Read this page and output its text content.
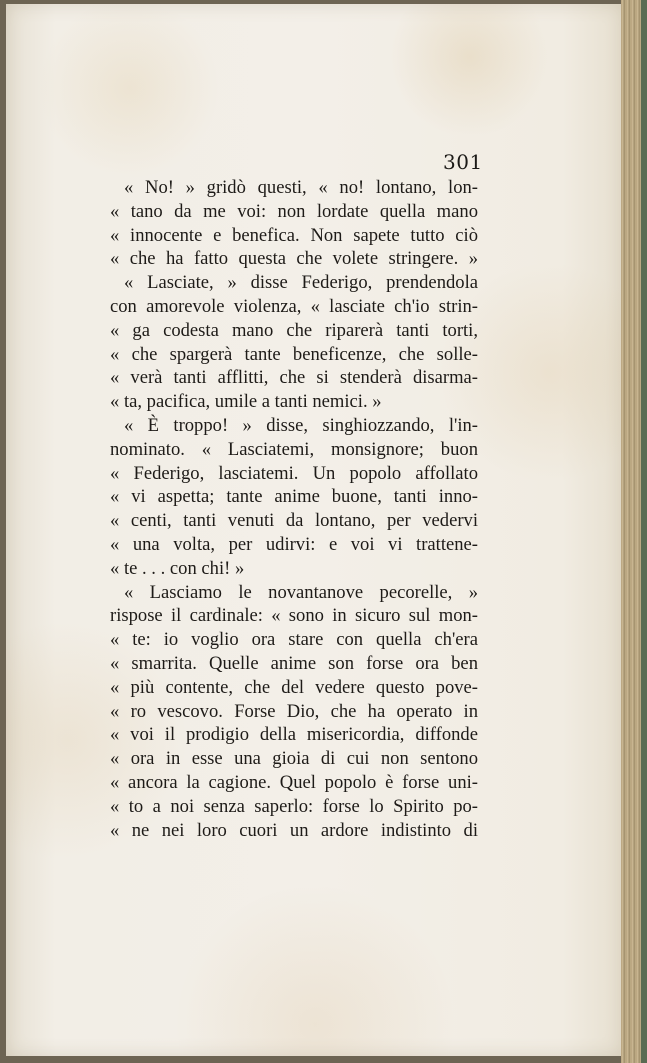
301
« No! » gridò questi, « no! lontano, lon-
« tano da me voi: non lordate quella mano
« innocente e benefica. Non sapete tutto ciò
« che ha fatto questa che volete stringere. »
« Lasciate, » disse Federigo, prendendola
con amorevole violenza, « lasciate ch'io strin-
« ga codesta mano che riparerà tanti torti,
« che spargerà tante beneficenze, che solle-
« verà tanti afflitti, che si stenderà disarma-
« ta, pacifica, umile a tanti nemici. »
« È troppo! » disse, singhiozzando, l'in-
nominato. « Lasciatemi, monsignore; buon
« Federigo, lasciatemi. Un popolo affollato
« vi aspetta; tante anime buone, tanti inno-
« centi, tanti venuti da lontano, per vedervi
« una volta, per udirvi: e voi vi trattene-
« te . . . con chi! »
« Lasciamo le novantanove pecorelle, »
rispose il cardinale: « sono in sicuro sul mon-
« te: io voglio ora stare con quella ch'era
« smarrita. Quelle anime son forse ora ben
« più contente, che del vedere questo pove-
« ro vescovo. Forse Dio, che ha operato in
« voi il prodigio della misericordia, diffonde
« ora in esse una gioia di cui non sentono
« ancora la cagione. Quel popolo è forse uni-
« to a noi senza saperlo: forse lo Spirito po-
« ne nei loro cuori un ardore indistinto di
